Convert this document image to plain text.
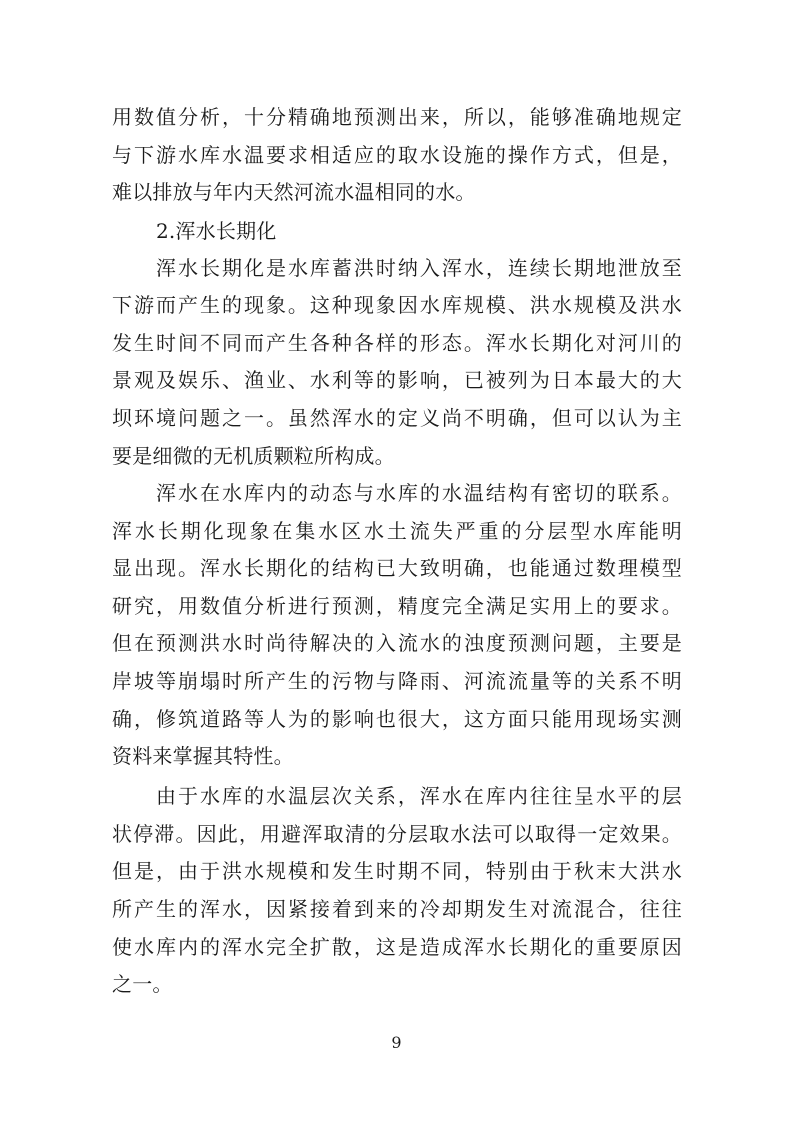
用数值分析，十分精确地预测出来，所以，能够准确地规定
与下游水库水温要求相适应的取水设施的操作方式，但是，
难以排放与年内天然河流水温相同的水。
2.浑水长期化
浑水长期化是水库蓄洪时纳入浑水，连续长期地泄放至
下游而产生的现象。这种现象因水库规模、洪水规模及洪水
发生时间不同而产生各种各样的形态。浑水长期化对河川的
景观及娱乐、渔业、水利等的影响，已被列为日本最大的大
坝环境问题之一。虽然浑水的定义尚不明确，但可以认为主
要是细微的无机质颗粒所构成。
浑水在水库内的动态与水库的水温结构有密切的联系。
浑水长期化现象在集水区水土流失严重的分层型水库能明
显出现。浑水长期化的结构已大致明确，也能通过数理模型
研究，用数值分析进行预测，精度完全满足实用上的要求。
但在预测洪水时尚待解决的入流水的浊度预测问题，主要是
岸坡等崩塌时所产生的污物与降雨、河流流量等的关系不明
确，修筑道路等人为的影响也很大，这方面只能用现场实测
资料来掌握其特性。
由于水库的水温层次关系，浑水在库内往往呈水平的层
状停滞。因此，用避浑取清的分层取水法可以取得一定效果。
但是，由于洪水规模和发生时期不同，特别由于秋末大洪水
9
所产生的浑水，因紧接着到来的冷却期发生对流混合，往往
使水库内的浑水完全扩散，这是造成浑水长期化的重要原因
之一。
